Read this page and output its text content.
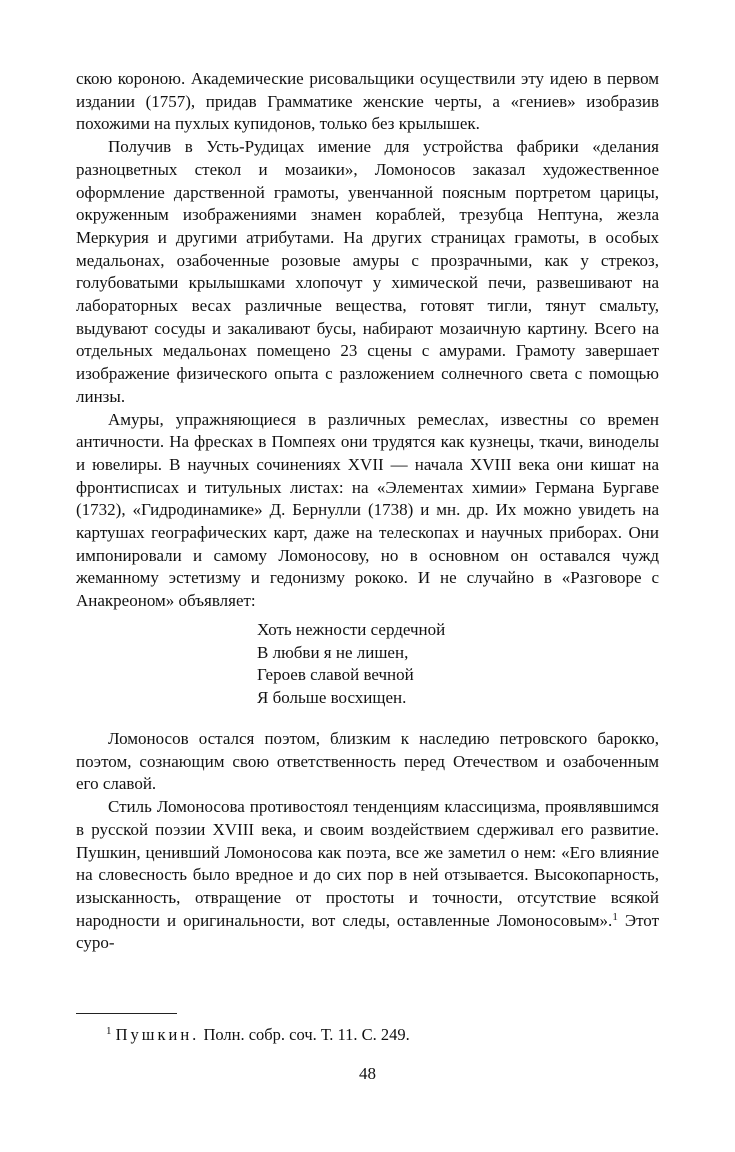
скою короною. Академические рисовальщики осуществили эту идею в первом издании (1757), придав Грамматике женские черты, а «гениев» изобразив похожими на пухлых купидонов, только без крылышек.

Получив в Усть-Рудицах имение для устройства фабрики «делания разноцветных стекол и мозаики», Ломоносов заказал художественное оформление дарственной грамоты, увенчанной поясным портретом царицы, окруженным изображениями знамен кораблей, трезубца Нептуна, жезла Меркурия и другими атрибутами. На других страницах грамоты, в особых медальонах, озабоченные розовые амуры с прозрачными, как у стрекоз, голубоватыми крылышками хлопочут у химической печи, развешивают на лабораторных весах различные вещества, готовят тигли, тянут смальту, выдувают сосуды и закаливают бусы, набирают мозаичную картину. Всего на отдельных медальонах помещено 23 сцены с амурами. Грамоту завершает изображение физического опыта с разложением солнечного света с помощью линзы.

Амуры, упражняющиеся в различных ремеслах, известны со времен античности. На фресках в Помпеях они трудятся как кузнецы, ткачи, виноделы и ювелиры. В научных сочинениях XVII — начала XVIII века они кишат на фронтисписах и титульных листах: на «Элементах химии» Германа Бургаве (1732), «Гидродинамике» Д. Бернулли (1738) и мн. др. Их можно увидеть на картушах географических карт, даже на телескопах и научных приборах. Они импонировали и самому Ломоносову, но в основном он оставался чужд жеманному эстетизму и гедонизму рококо. И не случайно в «Разговоре с Анакреоном» объявляет:

Хоть нежности сердечной
В любви я не лишен,
Героев славой вечной
Я больше восхищен.

Ломоносов остался поэтом, близким к наследию петровского барокко, поэтом, сознающим свою ответственность перед Отечеством и озабоченным его славой.

Стиль Ломоносова противостоял тенденциям классицизма, проявлявшимся в русской поэзии XVIII века, и своим воздействием сдерживал его развитие. Пушкин, ценивший Ломоносова как поэта, все же заметил о нем: «Его влияние на словесность было вредное и до сих пор в ней отзывается. Высокопарность, изысканность, отвращение от простоты и точности, отсутствие всякой народности и оригинальности, вот следы, оставленные Ломоносовым».$^1$ Этот суро-

$^1$ Пушкин. Полн. собр. соч. Т. 11. С. 249.
48
